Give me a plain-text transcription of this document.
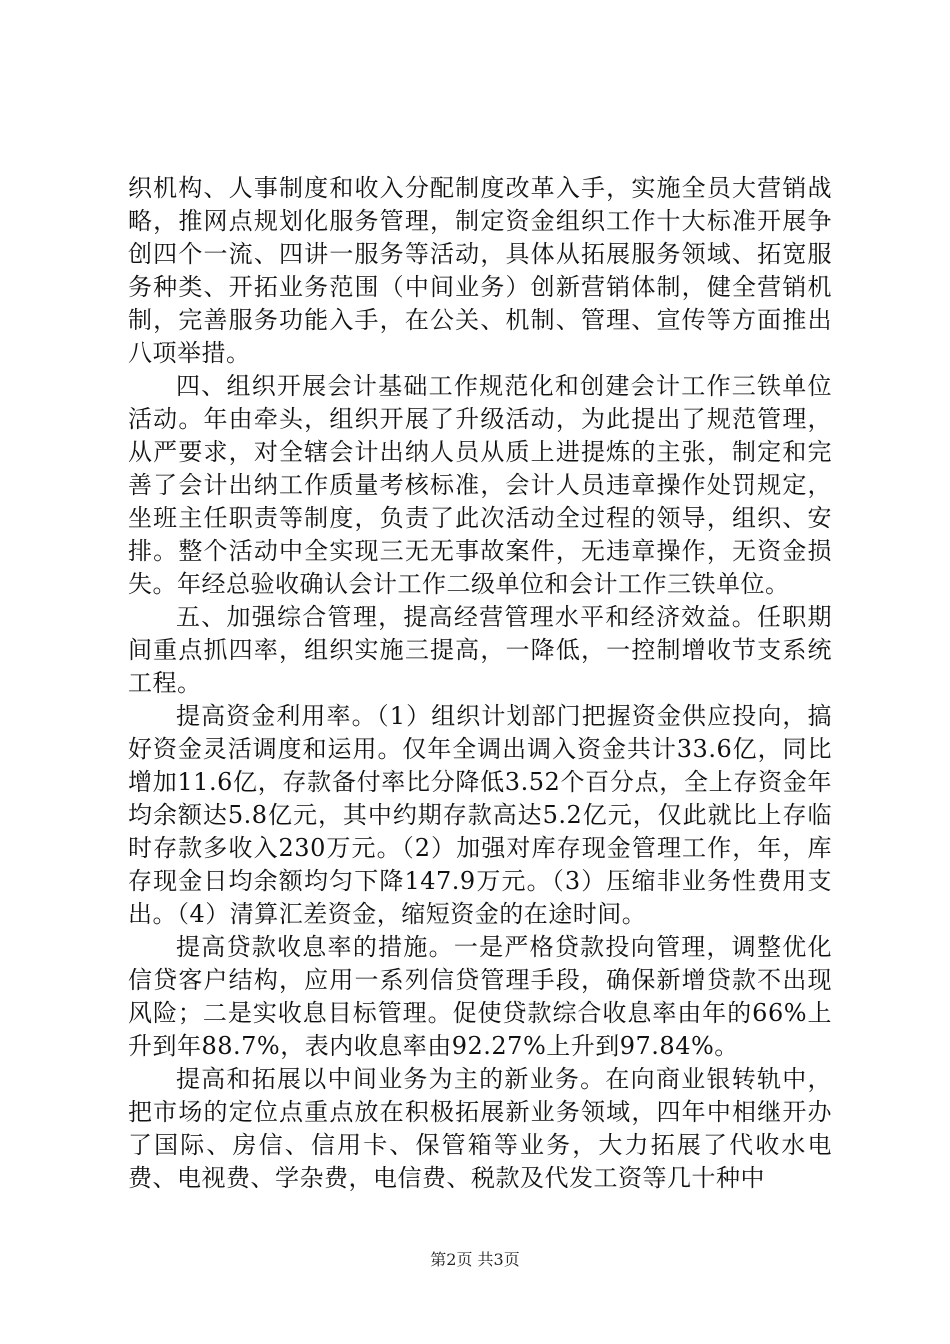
织机构、人事制度和收入分配制度改革入手，实施全员大营销战略，推网点规划化服务管理，制定资金组织工作十大标准开展争创四个一流、四讲一服务等活动，具体从拓展服务领域、拓宽服务种类、开拓业务范围（中间业务）创新营销体制，健全营销机制，完善服务功能入手，在公关、机制、管理、宣传等方面推出八项举措。

四、组织开展会计基础工作规范化和创建会计工作三铁单位活动。年由牵头，组织开展了升级活动，为此提出了规范管理，从严要求，对全辖会计出纳人员从质上进提炼的主张，制定和完善了会计出纳工作质量考核标准，会计人员违章操作处罚规定，坐班主任职责等制度，负责了此次活动全过程的领导，组织、安排。整个活动中全实现三无无事故案件，无违章操作，无资金损失。年经总验收确认会计工作二级单位和会计工作三铁单位。

五、加强综合管理，提高经营管理水平和经济效益。任职期间重点抓四率，组织实施三提高，一降低，一控制增收节支系统工程。

提高资金利用率。（1）组织计划部门把握资金供应投向，搞好资金灵活调度和运用。仅年全调出调入资金共计33.6亿，同比增加11.6亿，存款备付率比分降低3.52个百分点，全上存资金年均余额达5.8亿元，其中约期存款高达5.2亿元，仅此就比上存临时存款多收入230万元。（2）加强对库存现金管理工作，年，库存现金日均余额均匀下降147.9万元。（3）压缩非业务性费用支出。（4）清算汇差资金，缩短资金的在途时间。

提高贷款收息率的措施。一是严格贷款投向管理，调整优化信贷客户结构，应用一系列信贷管理手段，确保新增贷款不出现风险；二是实收息目标管理。促使贷款综合收息率由年的66%上升到年88.7%，表内收息率由92.27%上升到97.84%。

提高和拓展以中间业务为主的新业务。在向商业银转轨中，把市场的定位点重点放在积极拓展新业务领域，四年中相继开办了国际、房信、信用卡、保管箱等业务，大力拓展了代收水电费、电视费、学杂费，电信费、税款及代发工资等几十种中

第2页 共3页
